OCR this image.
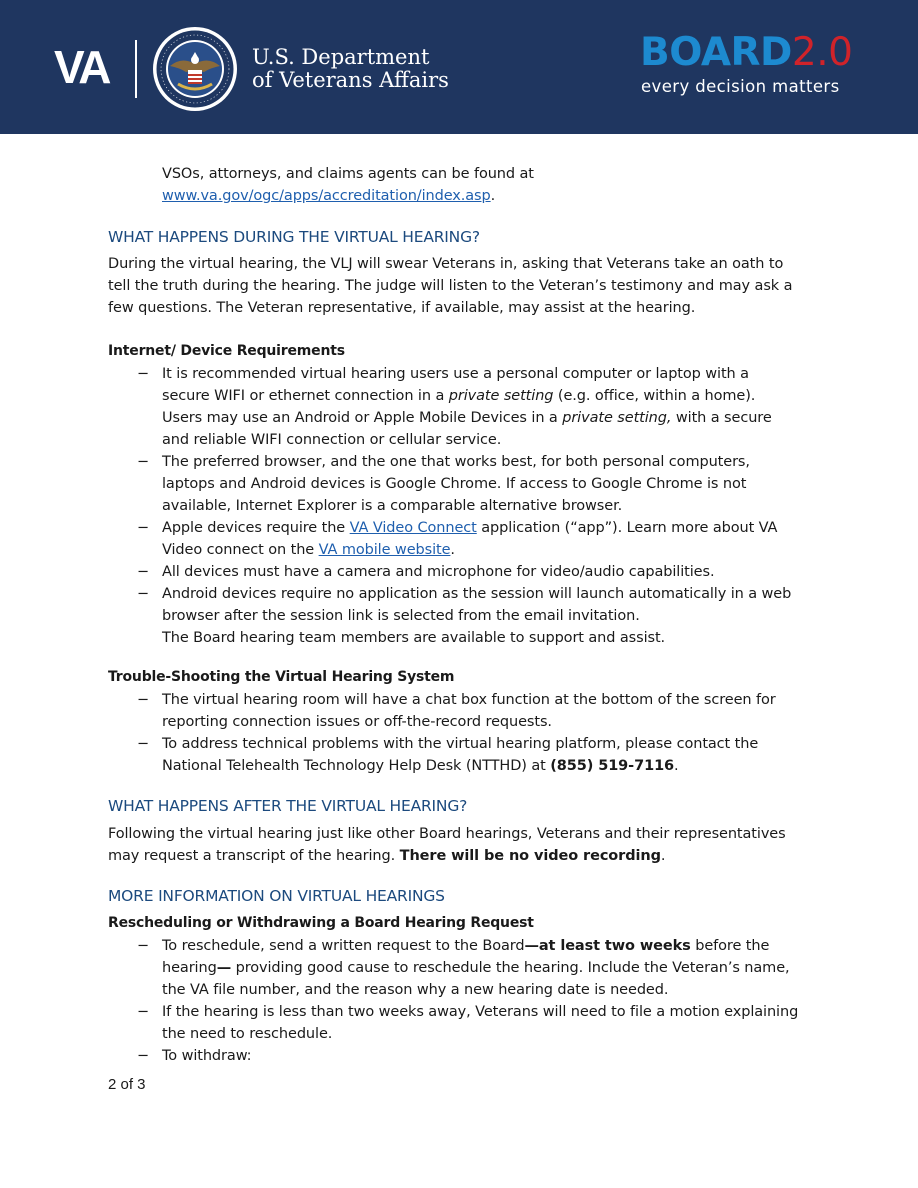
VA	U.S. Department
of Veterans Affairs
BOARD2.0
every decision matters
VSOs, attorneys, and claims agents can be found at
www.va.gov/ogc/apps/accreditation/index.asp.
WHAT HAPPENS DURING THE VIRTUAL HEARING?
During the virtual hearing, the VLJ will swear Veterans in, asking that Veterans take an oath to
tell the truth during the hearing. The judge will listen to the Veteran’s testimony and may ask a
few questions. The Veteran representative, if available, may assist at the hearing.
Internet/ Device Requirements
− It is recommended virtual hearing users use a personal computer or laptop with a
secure WIFI or ethernet connection in a private setting (e.g. office, within a home).
Users may use an Android or Apple Mobile Devices in a private setting, with a secure
and reliable WIFI connection or cellular service.
− The preferred browser, and the one that works best, for both personal computers,
laptops and Android devices is Google Chrome. If access to Google Chrome is not
available, Internet Explorer is a comparable alternative browser.
− Apple devices require the VA Video Connect application (“app”). Learn more about VA
Video connect on the VA mobile website.
− All devices must have a camera and microphone for video/audio capabilities.
− Android devices require no application as the session will launch automatically in a web
browser after the session link is selected from the email invitation.
The Board hearing team members are available to support and assist.
Trouble-Shooting the Virtual Hearing System
− The virtual hearing room will have a chat box function at the bottom of the screen for
reporting connection issues or off-the-record requests.
− To address technical problems with the virtual hearing platform, please contact the
National Telehealth Technology Help Desk (NTTHD) at (855) 519-7116.
WHAT HAPPENS AFTER THE VIRTUAL HEARING?
Following the virtual hearing just like other Board hearings, Veterans and their representatives
may request a transcript of the hearing. There will be no video recording.
MORE INFORMATION ON VIRTUAL HEARINGS
Rescheduling or Withdrawing a Board Hearing Request
− To reschedule, send a written request to the Board—at least two weeks before the
hearing— providing good cause to reschedule the hearing. Include the Veteran’s name,
the VA file number, and the reason why a new hearing date is needed.
− If the hearing is less than two weeks away, Veterans will need to file a motion explaining
the need to reschedule.
− To withdraw:
2 of 3
